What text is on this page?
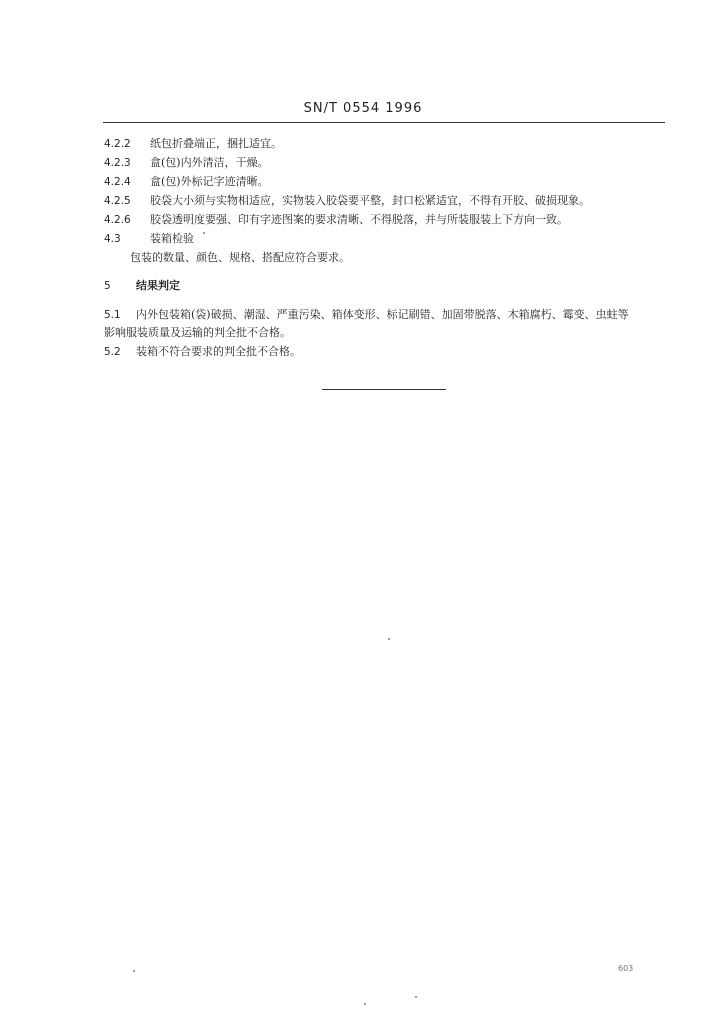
SN/T 0554 1996
4.2.2 纸包折叠端正，捆扎适宜。
4.2.3 盒(包)内外清洁，干燥。
4.2.4 盒(包)外标记字迹清晰。
4.2.5 胶袋大小须与实物相适应，实物装入胶袋要平整，封口松紧适宜，不得有开胶、破损现象。
4.2.6 胶袋透明度要强、印有字迹图案的要求清晰、不得脱落，并与所装服装上下方向一致。
4.3	装箱检验
包装的数量、颜色、规格、搭配应符合要求。
5 结果判定
5.1 内外包装箱(袋)破损、潮湿、严重污染、箱体变形、标记刷错、加固带脱落、木箱腐朽、霉变、虫蛀等
影响服装质量及运输的判全批不合格。
5.2 装箱不符合要求的判全批不合格。
603
